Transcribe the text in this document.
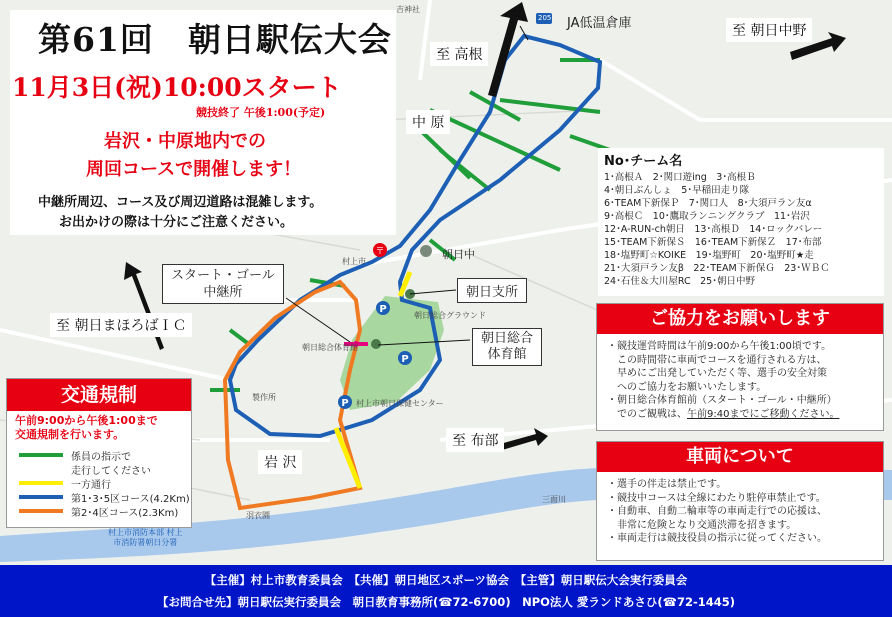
P
P
P
〒
JA低温倉庫
至 高根
至 朝日中野
中 原
朝日中
朝日支所
朝日総合
体育館
スタート・ゴール
中継所
至 朝日まほろばＩＣ
至 布部
岩 沢
村上市消防本部 村上
市消防署朝日分署
朝日総合グラウンド
朝日総合体育館
村上市朝日保健センター
羽衣園
三面川
村上市
吉神社
製作所
205
第61回　朝日駅伝大会
11月3日(祝)10:00スタート
競技終了 午後1:00(予定)
岩沢・中原地内での
周回コースで開催します！
中継所周辺、コース及び周辺道路は混雑します。
お出かけの際は十分にご注意ください。
交通規制
午前9:00から午後1:00まで
交通規制を行います。
係員の指示で
走行してください
一方通行
第1･3･5区コース(4.2Km)
第2･4区コース(2.3Km)
No･チーム名
1･高根Ａ　2･関口遊ing　3･高根Ｂ
4･朝日ぶんしょ　5･早稲田走り隊
6･TEAM下新保Ｐ　7･関口人　8･大須戸ラン友α
9･高根Ｃ　10･鷹取ランニングクラブ　11･岩沢
12･A-RUN-ch朝日　13･高根Ｄ　14･ロックバレー
15･TEAM下新保Ｓ　16･TEAM下新保Ｚ　17･布部
18･塩野町☆KOIKE　19･塩野町　20･塩野町★走
21･大須戸ラン友β　22･TEAM下新保Ｇ　23･ＷＢＣ
24･石住＆大川屋RC　25･朝日中野
ご協力をお願いします
・競技運営時間は午前9:00から午後1:00頃です。
この時間帯に車両でコースを通行される方は、
早めにご出発していただく等、選手の安全対策
へのご協力をお願いいたします。
・朝日総合体育館前（スタート・ゴール・中継所）
でのご観戦は、午前9:40までにご移動ください。
車両について
・選手の伴走は禁止です。
・競技中コースは全線にわたり駐停車禁止です。
・自動車、自動二輪車等の車両走行での応援は、
非常に危険となり交通渋滞を招きます。
・車両走行は競技役員の指示に従ってください。
【主催】村上市教育委員会　【共催】朝日地区スポーツ協会　【主管】朝日駅伝大会実行委員会
【お問合せ先】朝日駅伝実行委員会　朝日教育事務所(☎72-6700)　NPO法人 愛ランドあさひ(☎72-1445)
